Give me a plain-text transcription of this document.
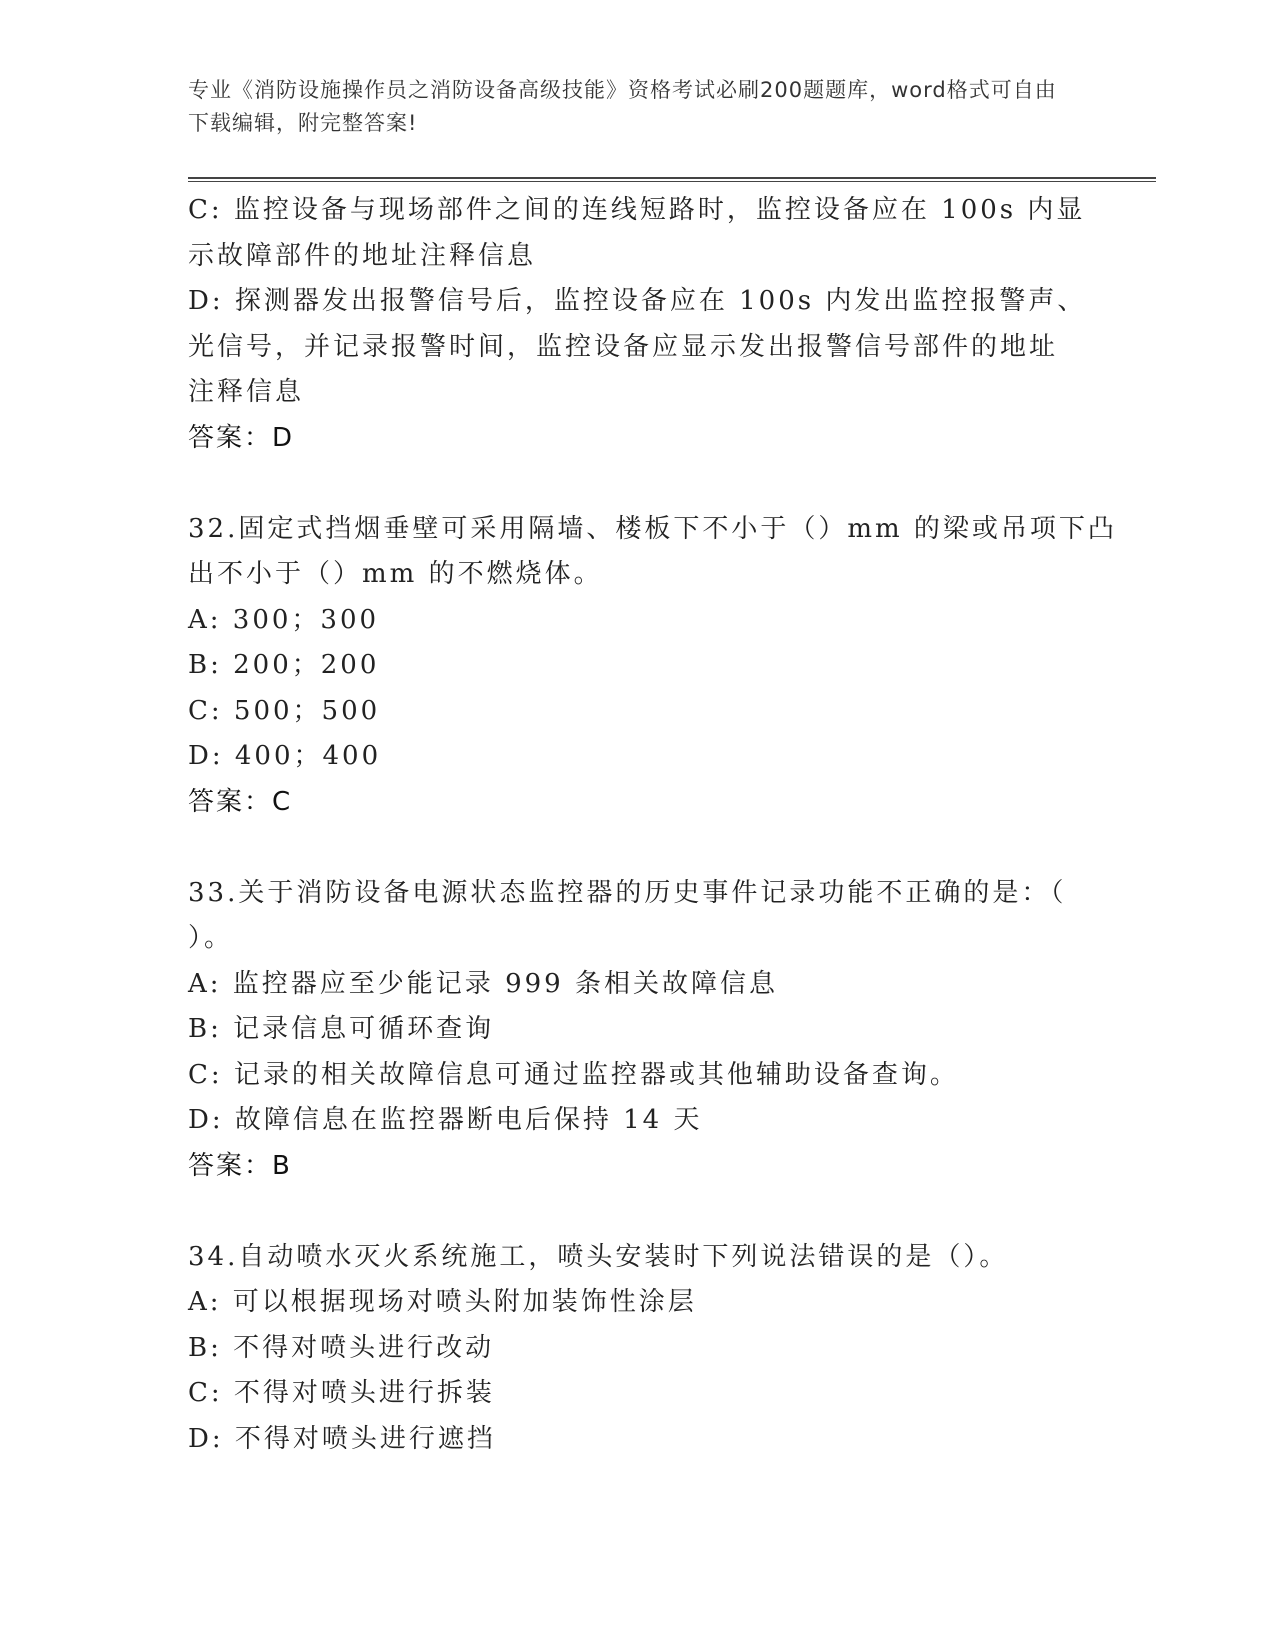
专业《消防设施操作员之消防设备高级技能》资格考试必刷200题题库，word格式可自由下载编辑，附完整答案!
C: 监控设备与现场部件之间的连线短路时，监控设备应在 100s 内显
示故障部件的地址注释信息
D: 探测器发出报警信号后，监控设备应在 100s 内发出监控报警声、
光信号，并记录报警时间，监控设备应显示发出报警信号部件的地址
注释信息
答案：D
32.固定式挡烟垂壁可采用隔墙、楼板下不小于（）mm 的梁或吊项下凸
出不小于（）mm 的不燃烧体。
A: 300；300
B: 200；200
C: 500；500
D: 400；400
答案：C
33.关于消防设备电源状态监控器的历史事件记录功能不正确的是：（
）。
A: 监控器应至少能记录 999 条相关故障信息
B: 记录信息可循环查询
C: 记录的相关故障信息可通过监控器或其他辅助设备查询。
D: 故障信息在监控器断电后保持 14 天
答案：B
34.自动喷水灭火系统施工，喷头安装时下列说法错误的是（）。
A: 可以根据现场对喷头附加装饰性涂层
B: 不得对喷头进行改动
C: 不得对喷头进行拆装
D: 不得对喷头进行遮挡
